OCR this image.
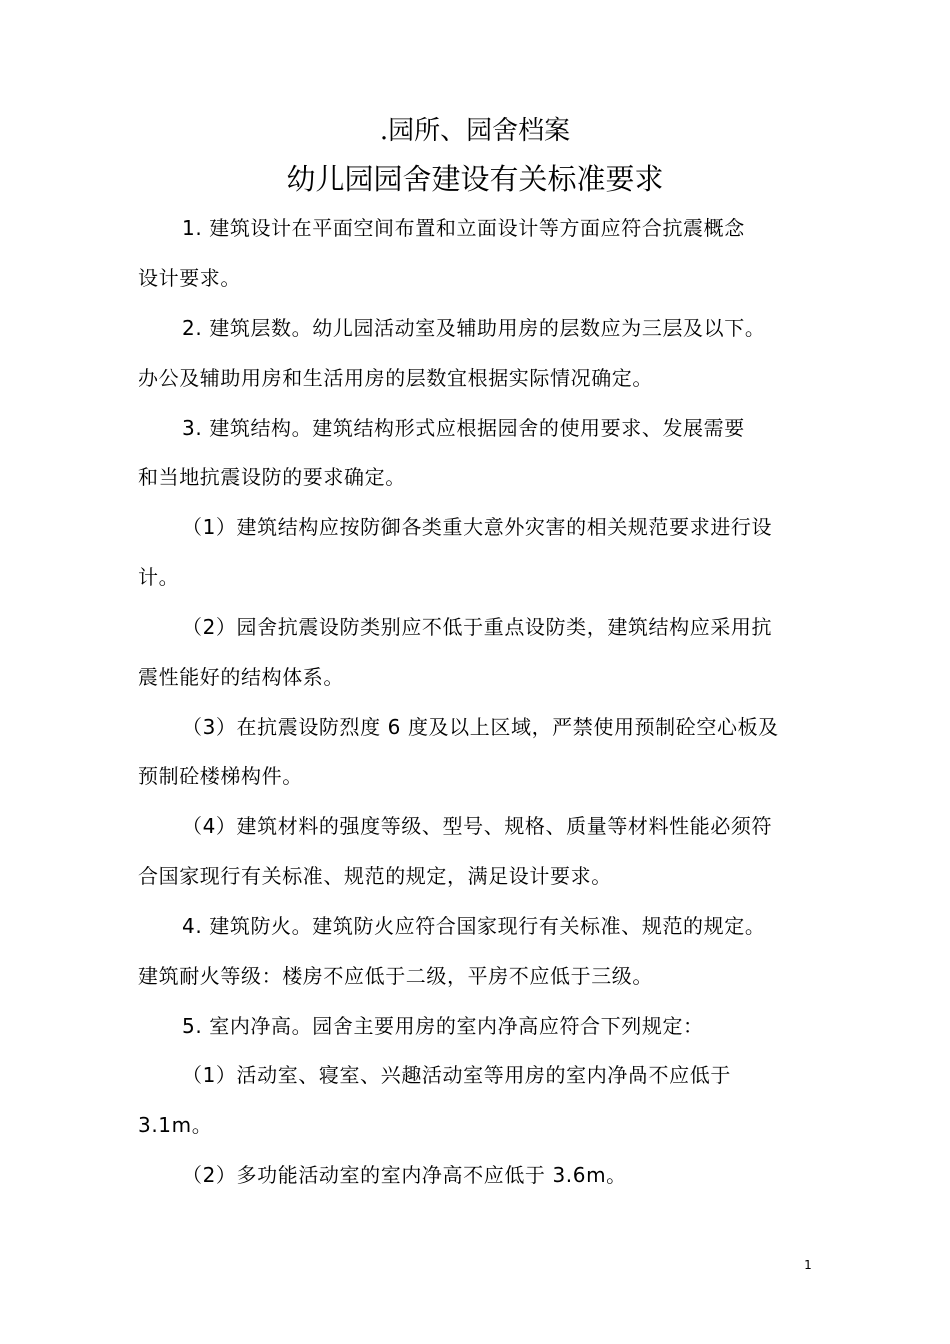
.园所、园舍档案
幼儿园园舍建设有关标准要求
1. 建筑设计在平面空间布置和立面设计等方面应符合抗震概念
设计要求。
2. 建筑层数。幼儿园活动室及辅助用房的层数应为三层及以下。
办公及辅助用房和生活用房的层数宜根据实际情况确定。
3. 建筑结构。建筑结构形式应根据园舍的使用要求、发展需要
和当地抗震设防的要求确定。
（1）建筑结构应按防御各类重大意外灾害的相关规范要求进行设
计。
（2）园舍抗震设防类别应不低于重点设防类，建筑结构应采用抗
震性能好的结构体系。
（3）在抗震设防烈度 6 度及以上区域，严禁使用预制砼空心板及
预制砼楼梯构件。
（4）建筑材料的强度等级、型号、规格、质量等材料性能必须符
合国家现行有关标准、规范的规定，满足设计要求。
4. 建筑防火。建筑防火应符合国家现行有关标准、规范的规定。
建筑耐火等级：楼房不应低于二级，平房不应低于三级。
5. 室内净高。园舍主要用房的室内净高应符合下列规定：
（1）活动室、寝室、兴趣活动室等用房的室内净咼不应低于
3.1m。
（2）多功能活动室的室内净高不应低于 3.6m。
1
